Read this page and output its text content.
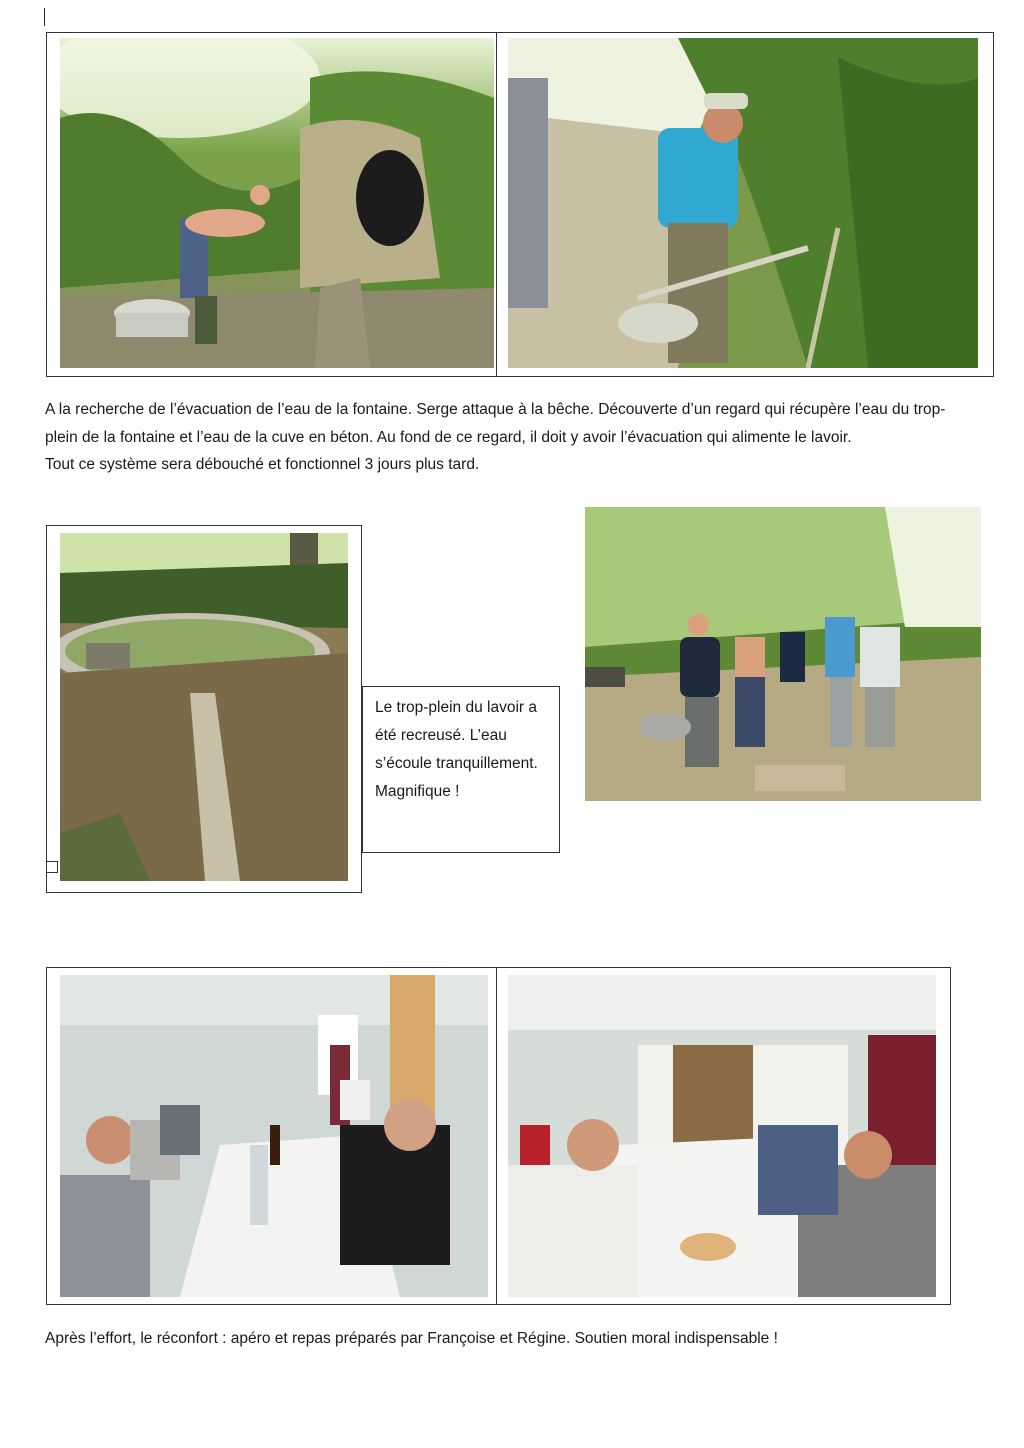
A la recherche de l’évacuation de l’eau de la fontaine. Serge attaque à la bêche. Découverte d’un regard qui récupère l’eau du trop-plein de la fontaine et l’eau de la cuve en béton. Au fond de ce regard, il doit y avoir l’évacuation qui alimente le lavoir.

Tout ce système sera débouché et fonctionnel 3 jours plus tard.

Le trop-plein du lavoir a été recreusé. L’eau s’écoule tranquillement. Magnifique !

Après l’effort, le réconfort : apéro et repas préparés par Françoise et Régine. Soutien moral indispensable !
